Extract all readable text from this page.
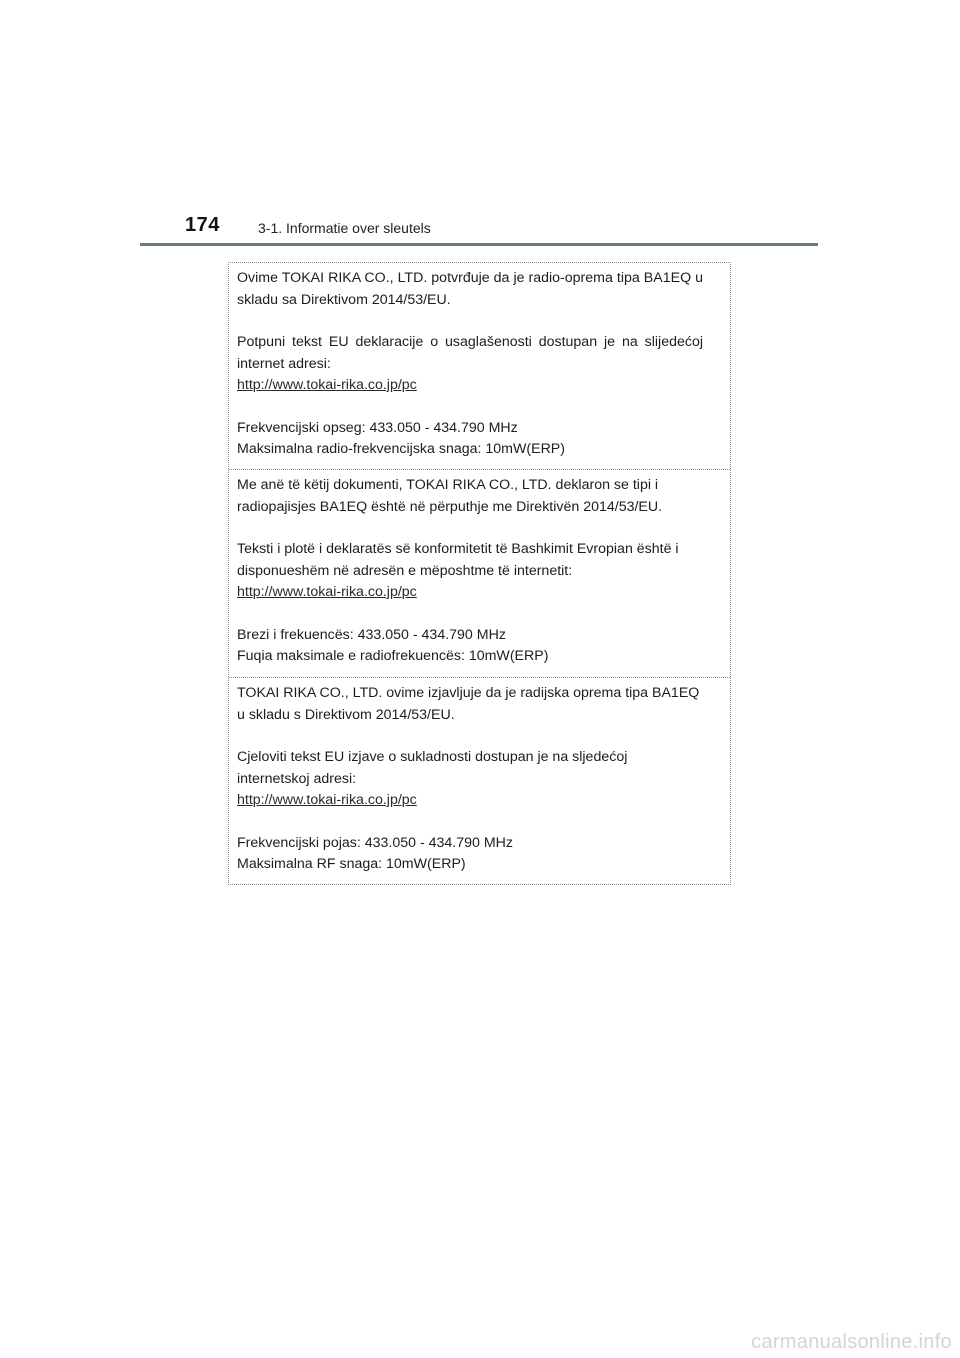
174	3-1. Informatie over sleutels

Ovime TOKAI RIKA CO., LTD. potvrđuje da je radio-oprema tipa BA1EQ u skladu sa Direktivom 2014/53/EU.

Potpuni tekst EU deklaracije o usaglašenosti dostupan je na slijedećoj internet adresi:

http://www.tokai-rika.co.jp/pc

Frekvencijski opseg: 433.050 - 434.790 MHz

Maksimalna radio-frekvencijska snaga: 10mW(ERP)

Me anë të këtij dokumenti, TOKAI RIKA CO., LTD. deklaron se tipi i radiopajisjes BA1EQ është në përputhje me Direktivën 2014/53/EU.

Teksti i plotë i deklaratës së konformitetit të Bashkimit Evropian është i disponueshëm në adresën e mëposhtme të internetit:

http://www.tokai-rika.co.jp/pc

Brezi i frekuencës: 433.050 - 434.790 MHz

Fuqia maksimale e radiofrekuencës: 10mW(ERP)

TOKAI RIKA CO., LTD. ovime izjavljuje da je radijska oprema tipa BA1EQ u skladu s Direktivom 2014/53/EU.

Cjeloviti tekst EU izjave o sukladnosti dostupan je na sljedećoj internetskoj adresi:

http://www.tokai-rika.co.jp/pc

Frekvencijski pojas: 433.050 - 434.790 MHz

Maksimalna RF snaga: 10mW(ERP)

carmanualsonline.info
